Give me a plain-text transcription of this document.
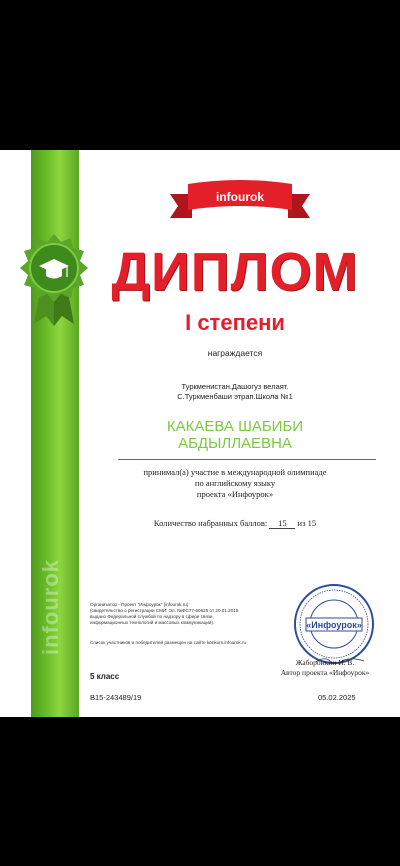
infourok
infourok
ДИПЛОМ
I степени
награждается
Туркменистан.Дашогуз велаят.
С.Туркменбаши этрап.Школа №1
КАКАЕВА ШАБИБИ
АБДЫЛЛАЕВНА
принимал(а) участие в международной олимпиаде
по английскому языку
проекта «Инфоурок»
Количество набранных баллов: 15 из 15
Организатор - Проект "Инфоурок" (infourok.ru)
(свидетельство о регистрации СМИ: Эл. №ФС77-60625 от 20.01.2015
выдано Федеральной службой по надзору в сфере связи,
информационных технологий и массовых коммуникаций).
Список участников и победителей размещен на сайте konkurs.infourok.ru
«Инфоурок»
Жаборонкин И. В.
Автор проекта «Инфоурок»
5 класс
B15-243489/19	05.02.2025
